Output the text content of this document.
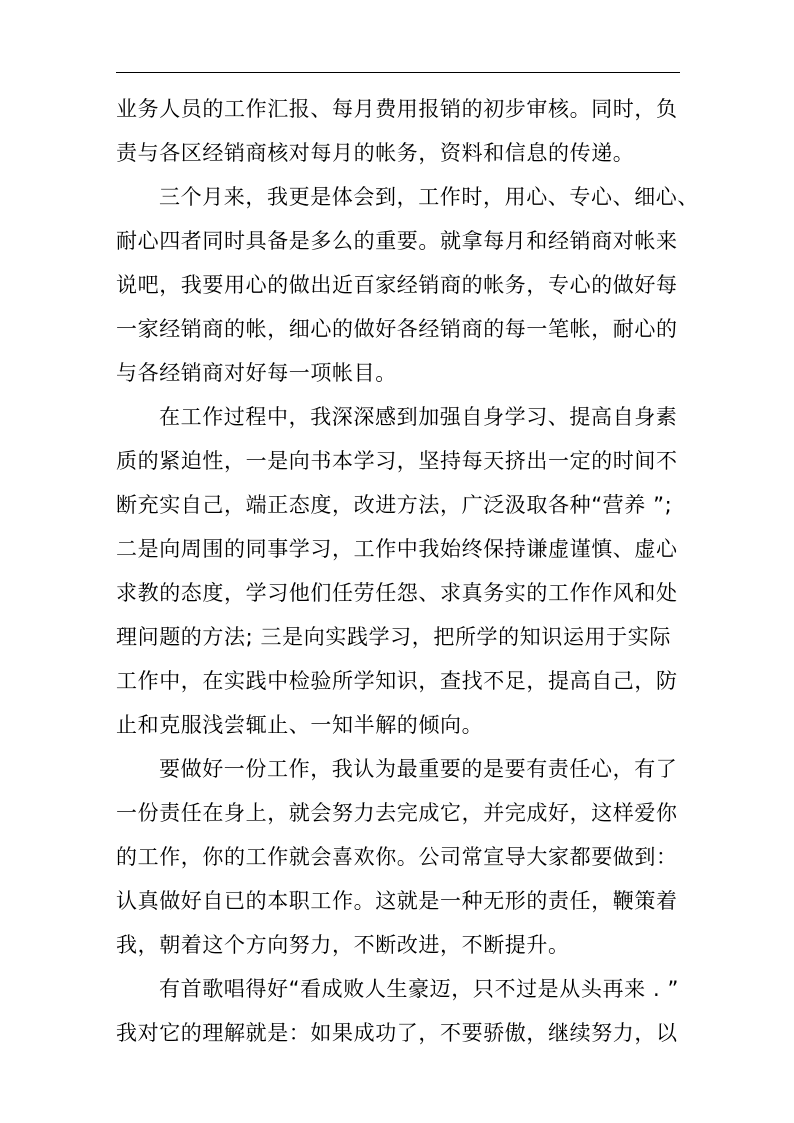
业务人员的工作汇报、每月费用报销的初步审核。同时，负
责与各区经销商核对每月的帐务，资料和信息的传递。
三个月来，我更是体会到，工作时，用心、专心、细心、
耐心四者同时具备是多么的重要。就拿每月和经销商对帐来
说吧，我要用心的做出近百家经销商的帐务，专心的做好每
一家经销商的帐，细心的做好各经销商的每一笔帐，耐心的
与各经销商对好每一项帐目。
在工作过程中，我深深感到加强自身学习、提高自身素
质的紧迫性，一是向书本学习，坚持每天挤出一定的时间不
断充实自己，端正态度，改进方法，广泛汲取各种“营养 ”;
二是向周围的同事学习，工作中我始终保持谦虚谨慎、虚心
求教的态度，学习他们任劳任怨、求真务实的工作作风和处
理问题的方法; 三是向实践学习，把所学的知识运用于实际
工作中，在实践中检验所学知识，查找不足，提高自己，防
止和克服浅尝辄止、一知半解的倾向。
要做好一份工作，我认为最重要的是要有责任心，有了
一份责任在身上，就会努力去完成它，并完成好，这样爱你
的工作，你的工作就会喜欢你。公司常宣导大家都要做到：
认真做好自已的本职工作。这就是一种无形的责任，鞭策着
我，朝着这个方向努力，不断改进，不断提升。
有首歌唱得好“看成败人生豪迈，只不过是从头再来 . ”
我对它的理解就是：如果成功了，不要骄傲，继续努力，以
